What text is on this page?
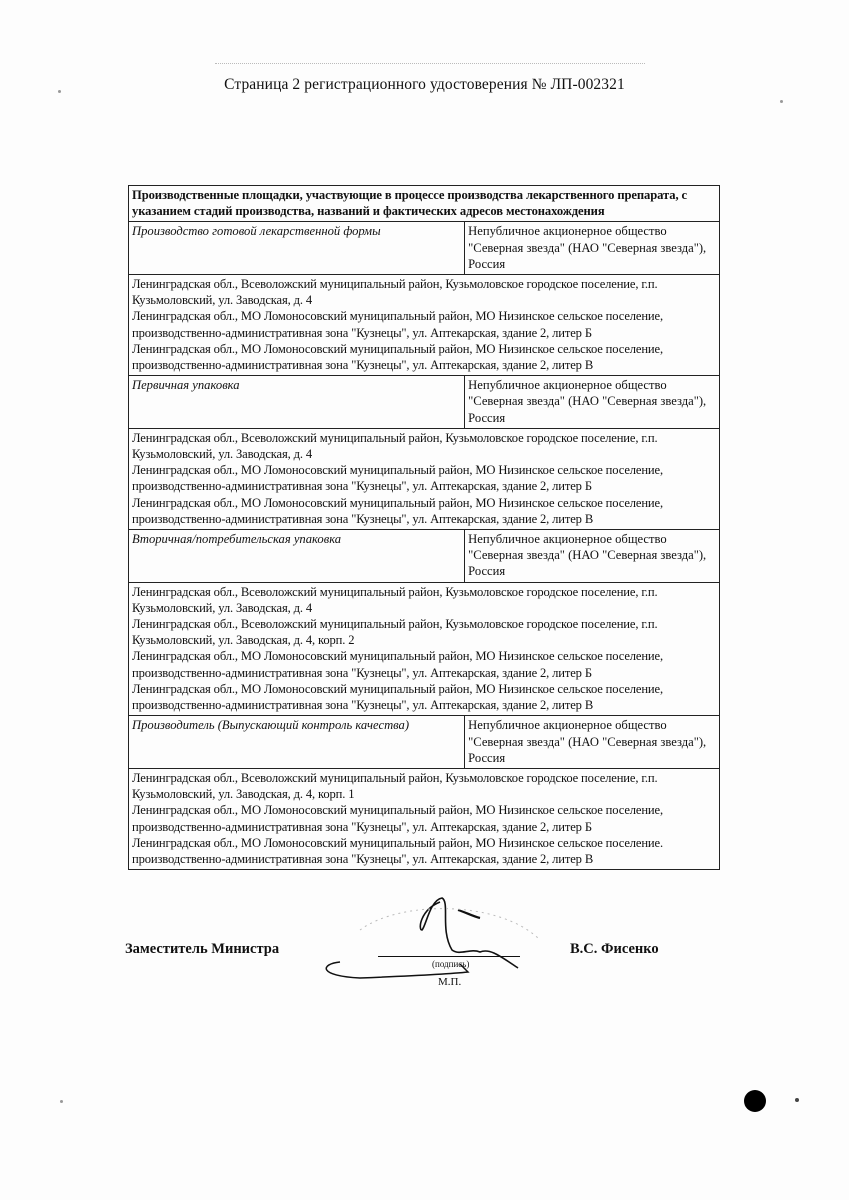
Страница 2 регистрационного удостоверения № ЛП-002321
Производственные площадки, участвующие в процессе производства лекарственного препарата, с указанием стадий производства, названий и фактических адресов местонахождения	
Производство готовой лекарственной формы	Непубличное акционерное общество "Северная звезда" (НАО "Северная звезда"), Россия

Ленинградская обл., Всеволожский муниципальный район, Кузьмоловское городское поселение, г.п. Кузьмоловский, ул. Заводская, д. 4
Ленинградская обл., МО Ломоносовский муниципальный район, МО Низинское сельское поселение, производственно-административная зона "Кузнецы", ул. Аптекарская, здание 2, литер Б
Ленинградская обл., МО Ломоносовский муниципальный район, МО Низинское сельское поселение, производственно-административная зона "Кузнецы", ул. Аптекарская, здание 2, литер В	

Первичная упаковка	Непубличное акционерное общество "Северная звезда" (НАО "Северная звезда"), Россия

Ленинградская обл., Всеволожский муниципальный район, Кузьмоловское городское поселение, г.п. Кузьмоловский, ул. Заводская, д. 4
Ленинградская обл., МО Ломоносовский муниципальный район, МО Низинское сельское поселение, производственно-административная зона "Кузнецы", ул. Аптекарская, здание 2, литер Б
Ленинградская обл., МО Ломоносовский муниципальный район, МО Низинское сельское поселение, производственно-административная зона "Кузнецы", ул. Аптекарская, здание 2, литер В	

Вторичная/потребительская упаковка	Непубличное акционерное общество "Северная звезда" (НАО "Северная звезда"), Россия

Ленинградская обл., Всеволожский муниципальный район, Кузьмоловское городское поселение, г.п. Кузьмоловский, ул. Заводская, д. 4
Ленинградская обл., Всеволожский муниципальный район, Кузьмоловское городское поселение, г.п. Кузьмоловский, ул. Заводская, д. 4, корп. 2
Ленинградская обл., МО Ломоносовский муниципальный район, МО Низинское сельское поселение, производственно-административная зона "Кузнецы", ул. Аптекарская, здание 2, литер Б
Ленинградская обл., МО Ломоносовский муниципальный район, МО Низинское сельское поселение, производственно-административная зона "Кузнецы", ул. Аптекарская, здание 2, литер В	

Производитель (Выпускающий контроль качества)	Непубличное акционерное общество "Северная звезда" (НАО "Северная звезда"), Россия

Ленинградская обл., Всеволожский муниципальный район, Кузьмоловское городское поселение, г.п. Кузьмоловский, ул. Заводская, д. 4, корп. 1
Ленинградская обл., МО Ломоносовский муниципальный район, МО Низинское сельское поселение, производственно-административная зона "Кузнецы", ул. Аптекарская, здание 2, литер Б
Ленинградская обл., МО Ломоносовский муниципальный район, МО Низинское сельское поселение. производственно-административная зона "Кузнецы", ул. Аптекарская, здание 2, литер В	
Заместитель Министра
(подпись)
М.П.
В.С. Фисенко
